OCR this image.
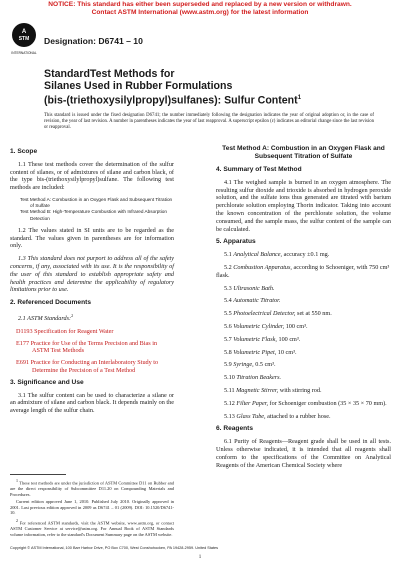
NOTICE: This standard has either been superseded and replaced by a new version or withdrawn.
Contact ASTM International (www.astm.org) for the latest information
A
STM
INTERNATIONAL
Designation: D6741 – 10
StandardTest Methods for
Silanes Used in Rubber Formulations
(bis-(triethoxysilylpropyl)sulfanes): Sulfur Content$^1$
This standard is issued under the fixed designation D6741; the number immediately following the designation indicates the year of original adoption or, in the case of revision, the year of last revision. A number in parentheses indicates the year of last reapproval. A superscript epsilon (ε) indicates an editorial change since the last revision or reapproval.
1. Scope

1.1 These test methods cover the determination of the sulfur content of silanes, or of admixtures of silane and carbon black, of the type bis-(triethoxysilylpropyl)sulfane. The following test methods are included:

Test Method A: Combustion in an Oxygen Flask and Subsequent Titration of Sulfate
Test Method B: High-Temperature Combustion with Infrared Absorption Detection

1.2 The values stated in SI units are to be regarded as the standard. The values given in parentheses are for information only.

1.3 This standard does not purport to address all of the safety concerns, if any, associated with its use. It is the responsibility of the user of this standard to establish appropriate safety and health practices and determine the applicability of regulatory limitations prior to use.

2. Referenced Documents

2.1 ASTM Standards:$^2$

D1193 Specification for Reagent Water
E177 Practice for Use of the Terms Precision and Bias in
ASTM Test Methods
E691 Practice for Conducting an Interlaboratory Study to
Determine the Precision of a Test Method
3. Significance and Use

3.1 The sulfur content can be used to characterize a silane or an admixture of silane and carbon black. It depends mainly on the average length of the sulfur chain.

$^1$ These test methods are under the jurisdiction of ASTM Committee D11 on Rubber and are the direct responsibility of Subcommittee D11.20 on Compounding Materials and Procedures.

Current edition approved June 1, 2010. Published July 2010. Originally approved in 2001. Last previous edition approved in 2009 as D6741 – 01 (2009). DOI: 10.1520/D6741-10.

$^2$ For referenced ASTM standards, visit the ASTM website, www.astm.org, or contact ASTM Customer Service at service@astm.org. For Annual Book of ASTM Standards volume information, refer to the standard's Document Summary page on the ASTM website.

Test Method A: Combustion in an Oxygen Flask and Subsequent Titration of Sulfate
4. Summary of Test Method

4.1 The weighed sample is burned in an oxygen atmosphere. The resulting sulfur dioxide and trioxide is absorbed in hydrogen peroxide solution, and the sulfate ions thus generated are titrated with barium perchlorate solution employing Thorin indicator. Taking into account the known concentration of the perchlorate solution, the volume consumed, and the sample mass, the sulfur content of the sample can be calculated.

5. Apparatus

5.1 Analytical Balance, accuracy ±0.1 mg.

5.2 Combustion Apparatus, according to Schoeniger, with 750 cm³ flask.

5.3 Ultrasonic Bath.

5.4 Automatic Titrator.

5.5 Photoelectrical Detector, set at 550 nm.

5.6 Volumetric Cylinder, 100 cm³.

5.7 Volumetric Flask, 100 cm³.

5.8 Volumetric Pipet, 10 cm³.

5.9 Syringe, 0.5 cm³.

5.10 Titration Beakers.

5.11 Magnetic Stirrer, with stirring rod.

5.12 Filter Paper, for Schoeniger combustion (35 × 35 × 70 mm).

5.13 Glass Tube, attached to a rubber hose.

6. Reagents

6.1 Purity of Reagents—Reagent grade shall be used in all tests. Unless otherwise indicated, it is intended that all reagents shall conform to the specifications of the Committee on Analytical Reagents of the American Chemical Society where

Copyright © ASTM International, 100 Barr Harbor Drive, PO Box C700, West Conshohocken, PA 19428-2959. United States
1
